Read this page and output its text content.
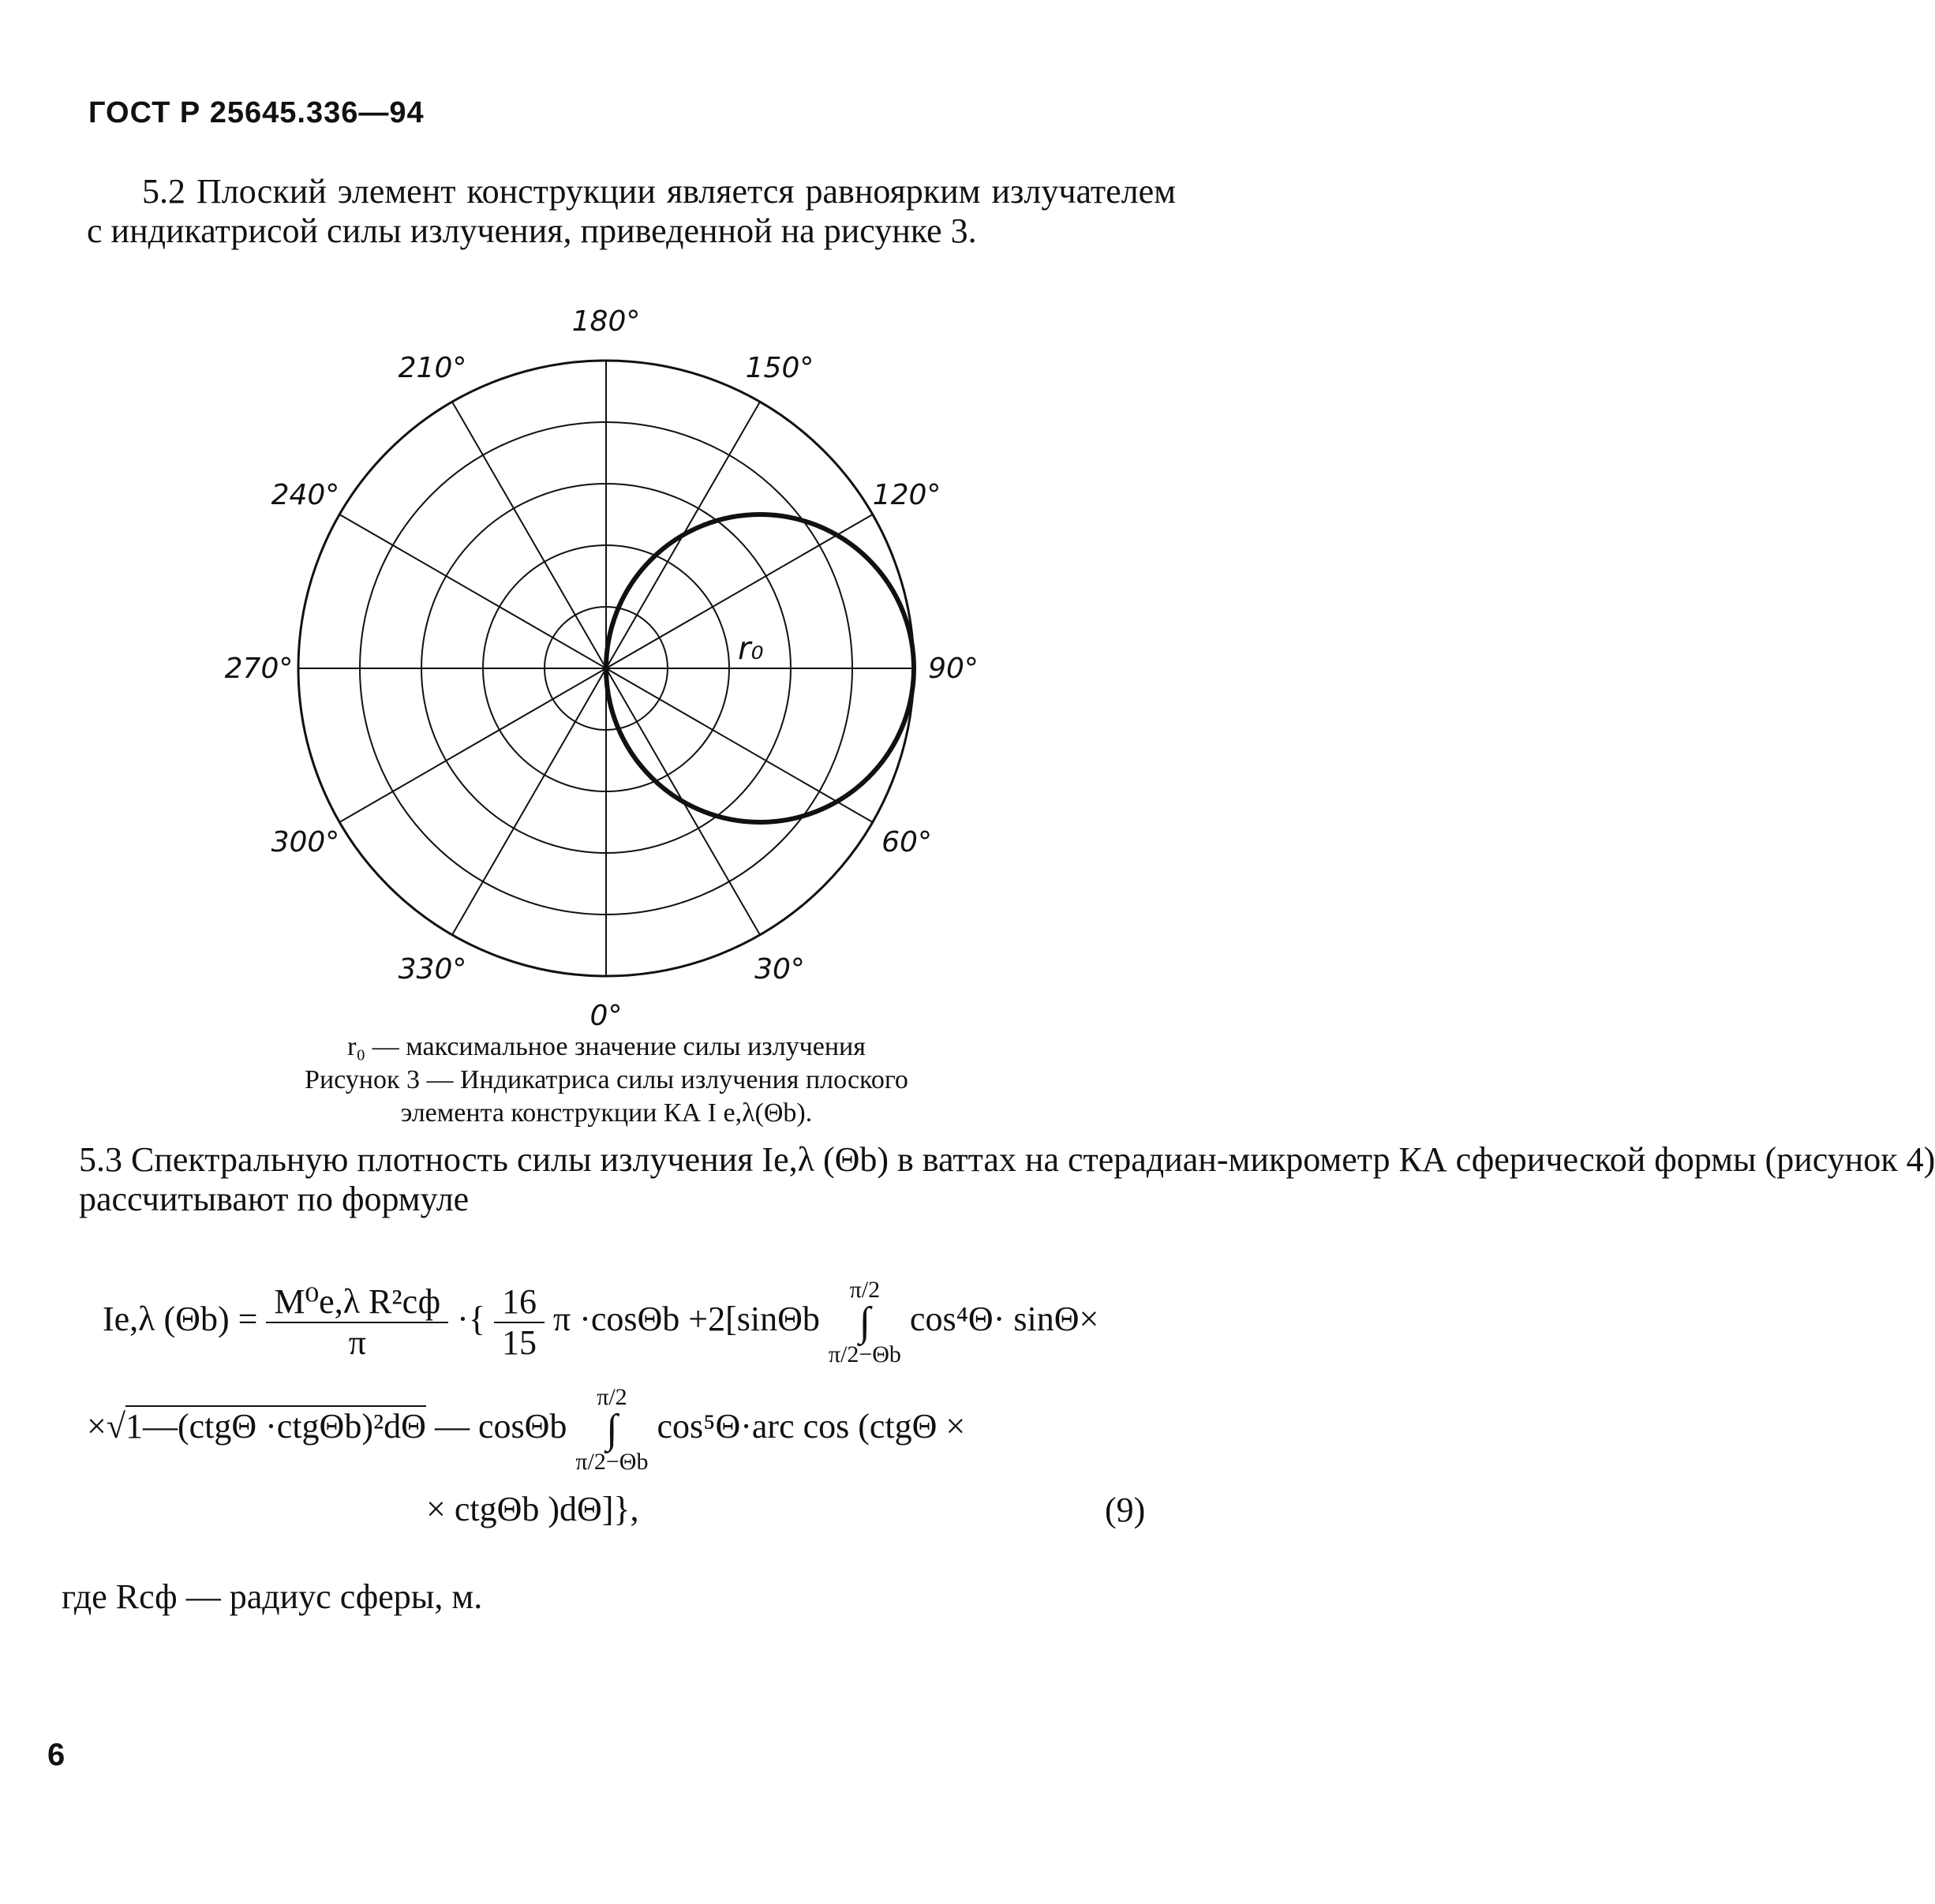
ГОСТ Р 25645.336—94
5.2 Плоский элемент конструкции является равноярким излучателем с индикатрисой силы излучения, приведенной на рисунке 3.
0°
30°
60°
90°
120°
150°
180°
210°
240°
270°
300°
330°
r₀
r₀ — максимальное значение силы излучения
Рисунок 3 — Индикатриса силы излучения плоского
элемента конструкции КА I e,λ(Θb).
5.3 Спектральную плотность силы излучения Ie,λ (Θb) в ваттах на стерадиан-микрометр КА сферической формы (рисунок 4)
рассчитывают по формуле
Ie,λ $(\Theta b) = \frac{\text{M⁰e,λ R²сф}}{\pi}$ ·{ $\frac{16}{15}$ π ·cosΘb +2[sinΘb π/2
∫
π/2−Θb cos⁴Θ· sinΘ×
×√1—(ctgΘ ·ctgΘb)²dΘ — cosΘb π/2
∫
π/2−Θb cos⁵Θ·arc cos (ctgΘ ×
× ctgΘb )dΘ]},	(9)
где Rсф — радиус сферы, м.
6
